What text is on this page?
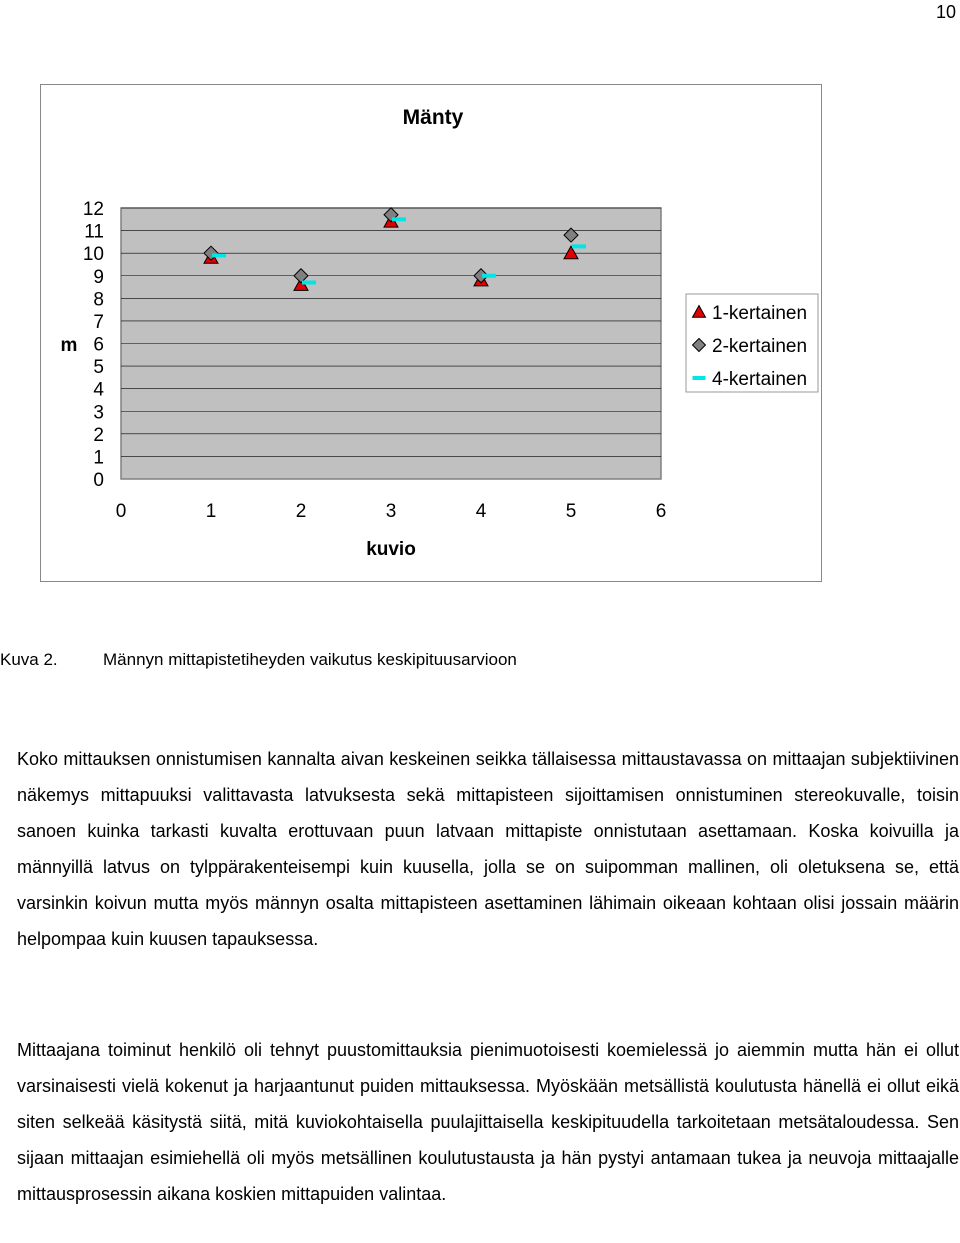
10
Mänty
0
1
2
3
4
5
6
7
8
9
10
11
12
m
0	1	2	3	4	5	6
kuvio
1-kertainen
2-kertainen
4-kertainen
Kuva 2.	Männyn mittapistetiheyden vaikutus keskipituusarvioon

Koko mittauksen onnistumisen kannalta aivan keskeinen seikka tällaisessa mittaustavassa on mittaajan subjektiivinen näkemys mittapuuksi valittavasta latvuksesta sekä mittapisteen sijoittamisen onnistuminen stereokuvalle, toisin sanoen kuinka tarkasti kuvalta erottuvaan puun latvaan mittapiste onnistutaan asettamaan. Koska koivuilla ja männyillä latvus on tylppärakenteisempi kuin kuusella, jolla se on suipomman mallinen, oli oletuksena se, että varsinkin koivun mutta myös männyn osalta mittapisteen asettaminen lähimain oikeaan kohtaan olisi jossain määrin helpompaa kuin kuusen tapauksessa.

Mittaajana toiminut henkilö oli tehnyt puustomittauksia pienimuotoisesti koemielessä jo aiemmin mutta hän ei ollut varsinaisesti vielä kokenut ja harjaantunut puiden mittauksessa. Myöskään metsällistä koulutusta hänellä ei ollut eikä siten selkeää käsitystä siitä, mitä kuviokohtaisella puulajittaisella keskipituudella tarkoitetaan metsätaloudessa. Sen sijaan mittaajan esimiehellä oli myös metsällinen koulutustausta ja hän pystyi antamaan tukea ja neuvoja mittaajalle mittausprosessin aikana koskien mittapuiden valintaa.
